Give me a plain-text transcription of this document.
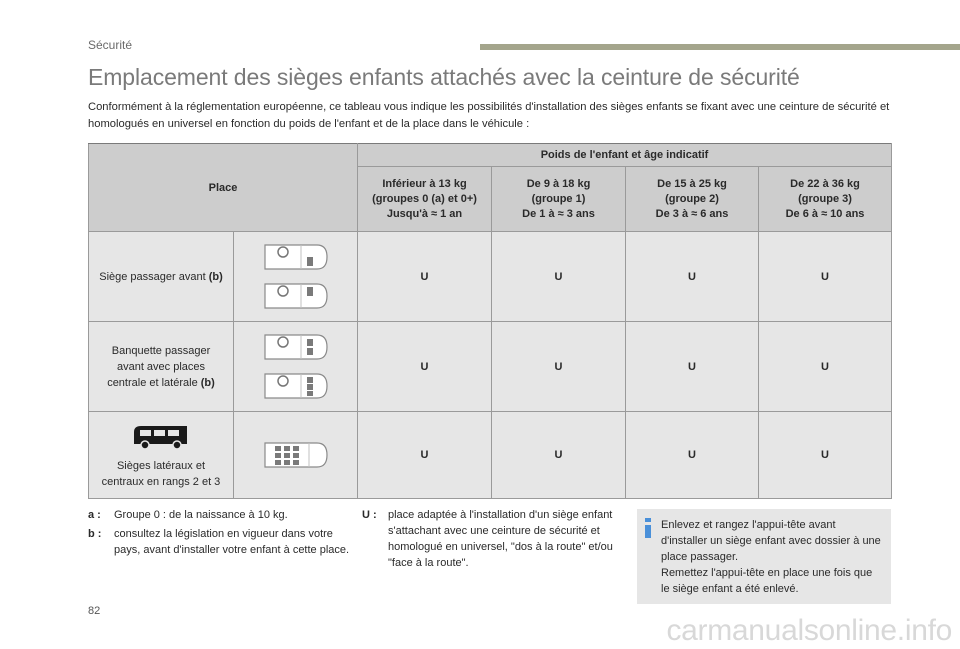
Sécurité
Emplacement des sièges enfants attachés avec la ceinture de sécurité

Conformément à la réglementation européenne, ce tableau vous indique les possibilités d'installation des sièges enfants se fixant avec une ceinture de sécurité et homologués en universel en fonction du poids de l'enfant et de la place dans le véhicule :

Place		Poids de l'enfant et âge indicatif			
		Inférieur à 13 kg
(groupes 0 (a) et 0+)
Jusqu'à ≈ 1 an	De 9 à 18 kg
(groupe 1)
De 1 à ≈ 3 ans	De 15 à 25 kg
(groupe 2)
De 3 à ≈ 6 ans	De 22 à 36 kg
(groupe 3)
De 6 à ≈ 10 ans
Siège passager avant (b)		U	U	U	U
Banquette passager
avant avec places
centrale et latérale (b)		U	U	U	U

Sièges latéraux et
centraux en rangs 2 et 3		U	U	U	U
a :	Groupe 0 : de la naissance à 10 kg.
b :	consultez la législation en vigueur dans votre pays, avant d'installer votre enfant à cette place.
U :	place adaptée à l'installation d'un siège enfant s'attachant avec une ceinture de sécurité et homologué en universel, "dos à la route" et/ou "face à la route".
Enlevez et rangez l'appui-tête avant d'installer un siège enfant avec dossier à une place passager.
Remettez l'appui-tête en place une fois que le siège enfant a été enlevé.
82
carmanualsonline.info
